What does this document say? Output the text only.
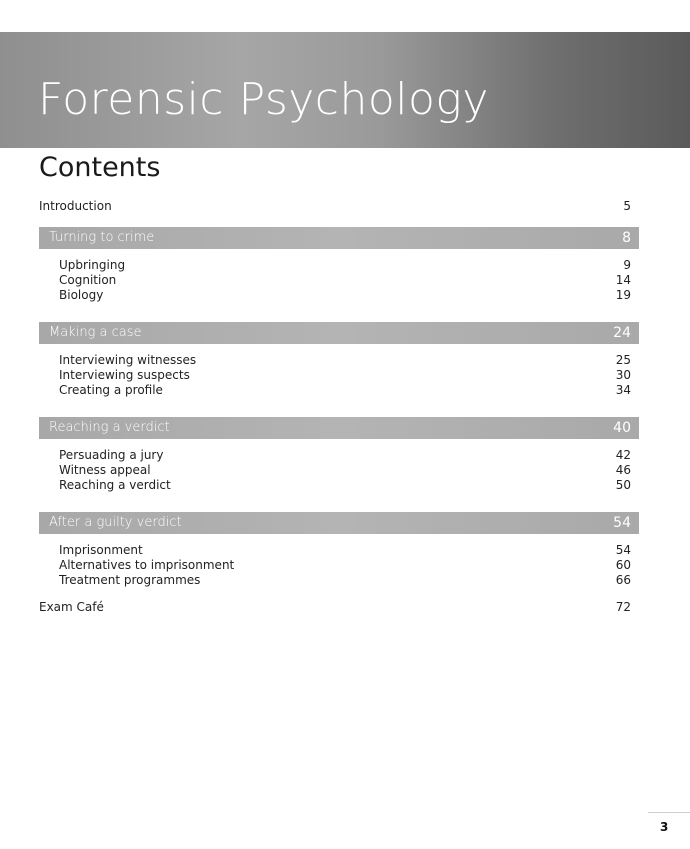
Forensic Psychology
Contents
Introduction	5
Turning to crime	8
Upbringing	9
Cognition	14
Biology	19
Making a case	24
Interviewing witnesses	25
Interviewing suspects	30
Creating a profile	34
Reaching a verdict	40
Persuading a jury	42
Witness appeal	46
Reaching a verdict	50
After a guilty verdict	54
Imprisonment	54
Alternatives to imprisonment	60
Treatment programmes	66
Exam Café	72
3
